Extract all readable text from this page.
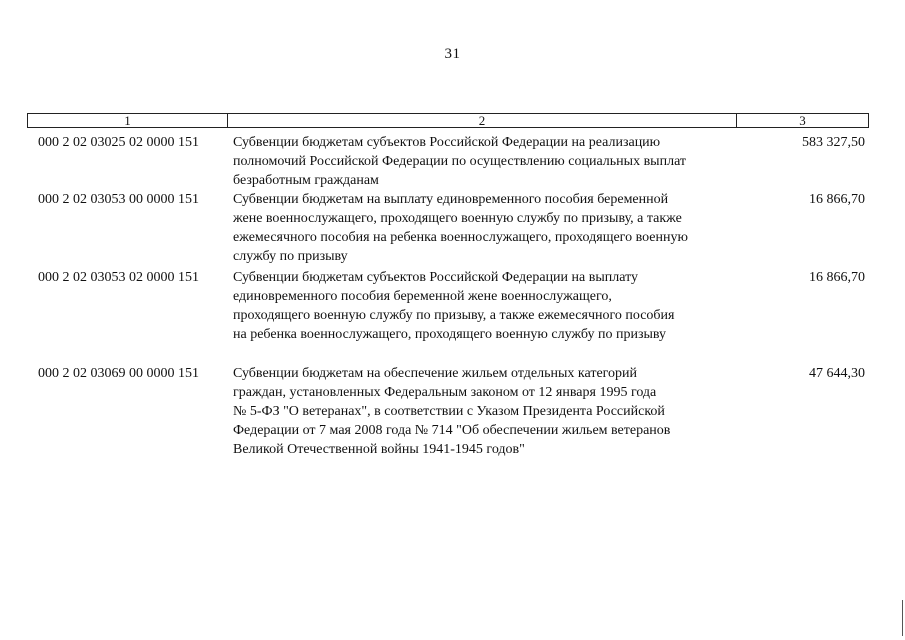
31
1	2	3
000 2 02 03025 02 0000 151 Субвенции бюджетам субъектов Российской Федерации на реализацию
полномочий Российской Федерации по осуществлению социальных выплат
безработным гражданам
583 327,50
000 2 02 03053 00 0000 151 Субвенции бюджетам на выплату единовременного пособия беременной
жене военнослужащего, проходящего военную службу по призыву, а также
ежемесячного пособия на ребенка военнослужащего, проходящего военную
службу по призыву
16 866,70
000 2 02 03053 02 0000 151 Субвенции бюджетам субъектов Российской Федерации на выплату
единовременного пособия беременной жене военнослужащего,
проходящего военную службу по призыву, а также ежемесячного пособия
на ребенка военнослужащего, проходящего военную службу по призыву
16 866,70
000 2 02 03069 00 0000 151 Субвенции бюджетам на обеспечение жильем отдельных категорий
граждан, установленных Федеральным законом от 12 января 1995 года
№ 5-ФЗ "О ветеранах", в соответствии с Указом Президента Российской
Федерации от 7 мая 2008 года № 714 "Об обеспечении жильем ветеранов
Великой Отечественной войны 1941-1945 годов"
47 644,30
